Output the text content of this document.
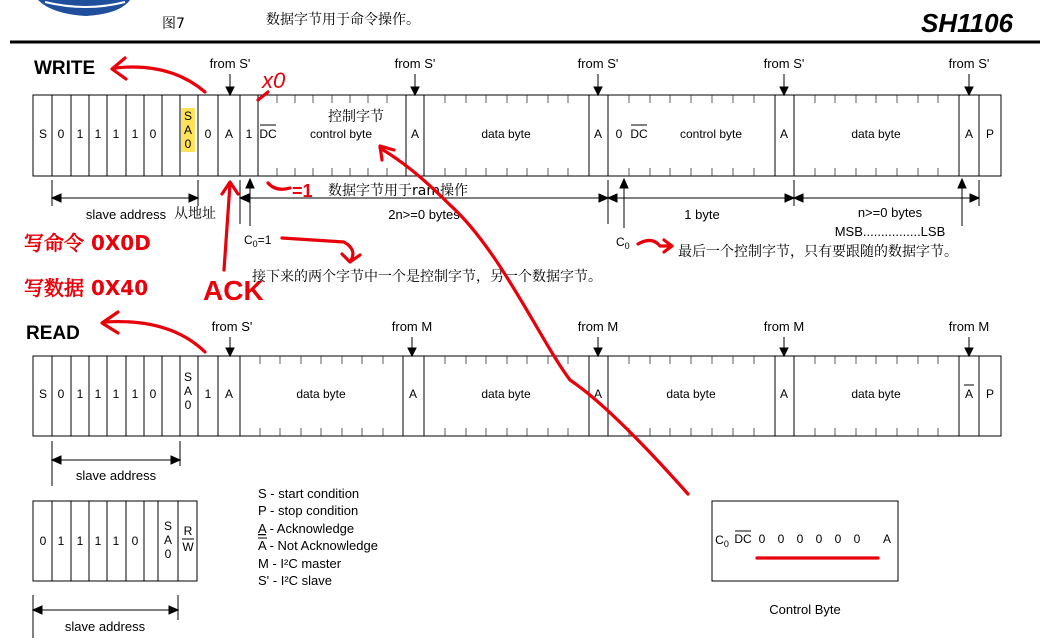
图7	数据字节用于命令操作。	SH1106
WRITE	from S'	from S'	from S'	from S'	from S'
S 0 1 1 1 1 0
S
A
0
0 A 1 DC	control byte	A	data byte	A 0 DC	control byte	A	data byte	A P
slave address	2n>=0 bytes	1 byte	n>=0 bytes
MSB................LSB
$C_0=1$	$C_0$
READ	from S'	from M	from M	from M	from M
S 0 1 1 1 1 0
S
A
0
1 A	data byte	A	data byte	A	data byte	A	data byte	A P
slave address
0 1 1 1 1 0
S
A
0
R
W
slave address
S - start condition
P - stop condition
A - Acknowledge
A - Not Acknowledge
M - I²C master
S' - I²C slave
$C_0$ DC 0 0 0 0 0 0 A
Control Byte
x0
控制字节
=1 数据字节用于ram操作
从地址
写命令 0X0D
写数据 0X40 ACK
接下来的两个字节中一个是控制字节，另一个数据字节。
最后一个控制字节，只有要跟随的数据字节。
